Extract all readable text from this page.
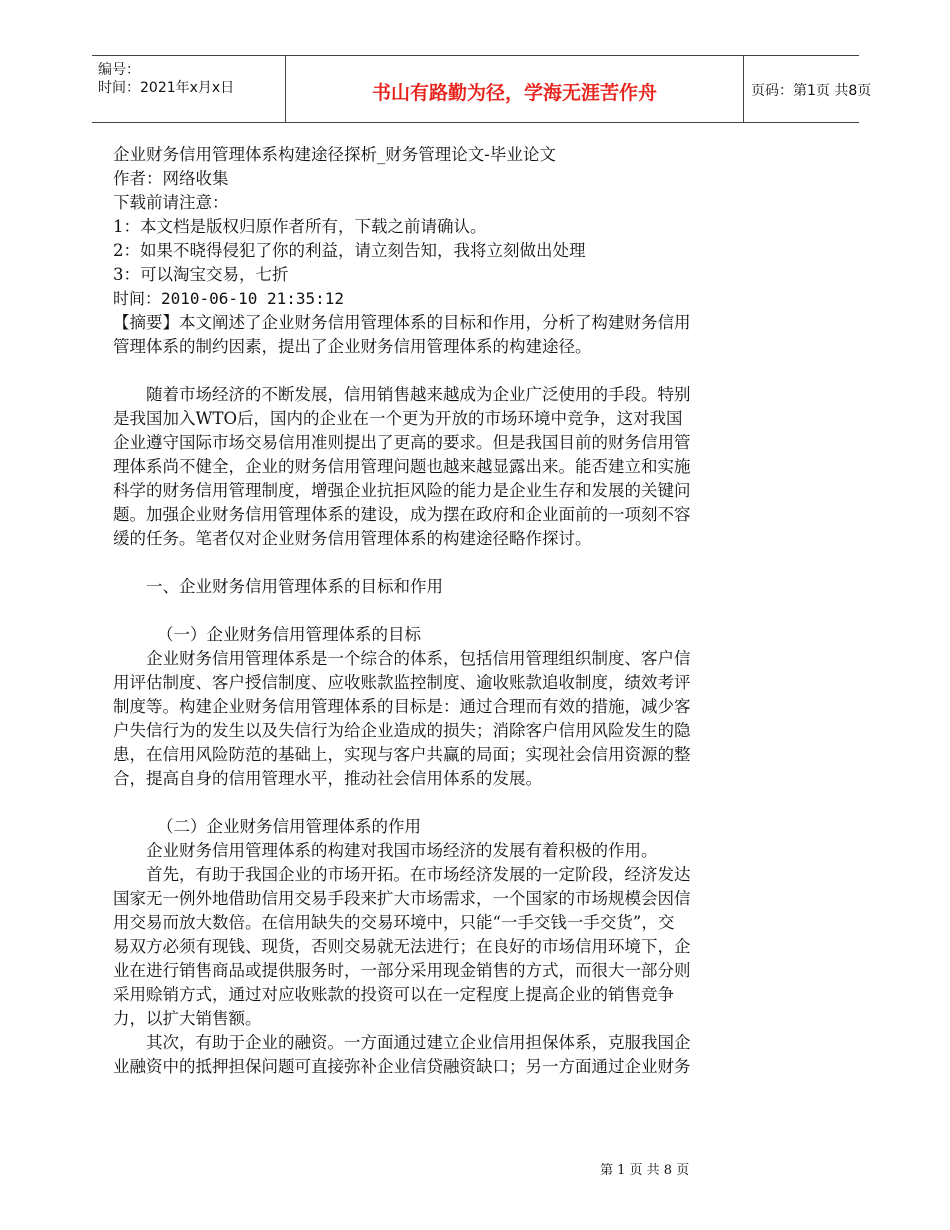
编号：
时间：2021年x月x日	书山有路勤为径，学海无涯苦作舟	页码：第1页 共8页
企业财务信用管理体系构建途径探析_财务管理论文-毕业论文
作者：网络收集
下载前请注意：
1：本文档是版权归原作者所有，下载之前请确认。
2：如果不晓得侵犯了你的利益，请立刻告知，我将立刻做出处理
3：可以淘宝交易，七折
时间：2010-06-10 21:35:12
【摘要】本文阐述了企业财务信用管理体系的目标和作用，分析了构建财务信用
管理体系的制约因素，提出了企业财务信用管理体系的构建途径。
随着市场经济的不断发展，信用销售越来越成为企业广泛使用的手段。特别
是我国加入WTO后，国内的企业在一个更为开放的市场环境中竞争，这对我国
企业遵守国际市场交易信用准则提出了更高的要求。但是我国目前的财务信用管
理体系尚不健全，企业的财务信用管理问题也越来越显露出来。能否建立和实施
科学的财务信用管理制度，增强企业抗拒风险的能力是企业生存和发展的关键问
题。加强企业财务信用管理体系的建设，成为摆在政府和企业面前的一项刻不容
缓的任务。笔者仅对企业财务信用管理体系的构建途径略作探讨。
一、企业财务信用管理体系的目标和作用
（一）企业财务信用管理体系的目标
企业财务信用管理体系是一个综合的体系，包括信用管理组织制度、客户信
用评估制度、客户授信制度、应收账款监控制度、逾收账款追收制度，绩效考评
制度等。构建企业财务信用管理体系的目标是：通过合理而有效的措施，减少客
户失信行为的发生以及失信行为给企业造成的损失；消除客户信用风险发生的隐
患，在信用风险防范的基础上，实现与客户共赢的局面；实现社会信用资源的整
合，提高自身的信用管理水平，推动社会信用体系的发展。
（二）企业财务信用管理体系的作用
企业财务信用管理体系的构建对我国市场经济的发展有着积极的作用。
首先，有助于我国企业的市场开拓。在市场经济发展的一定阶段，经济发达
国家无一例外地借助信用交易手段来扩大市场需求，一个国家的市场规模会因信
用交易而放大数倍。在信用缺失的交易环境中，只能“一手交钱一手交货”，交
易双方必须有现钱、现货，否则交易就无法进行；在良好的市场信用环境下，企
业在进行销售商品或提供服务时，一部分采用现金销售的方式，而很大一部分则
采用赊销方式，通过对应收账款的投资可以在一定程度上提高企业的销售竞争
力，以扩大销售额。
其次，有助于企业的融资。一方面通过建立企业信用担保体系，克服我国企
业融资中的抵押担保问题可直接弥补企业信贷融资缺口；另一方面通过企业财务
第 1 页 共 8 页
